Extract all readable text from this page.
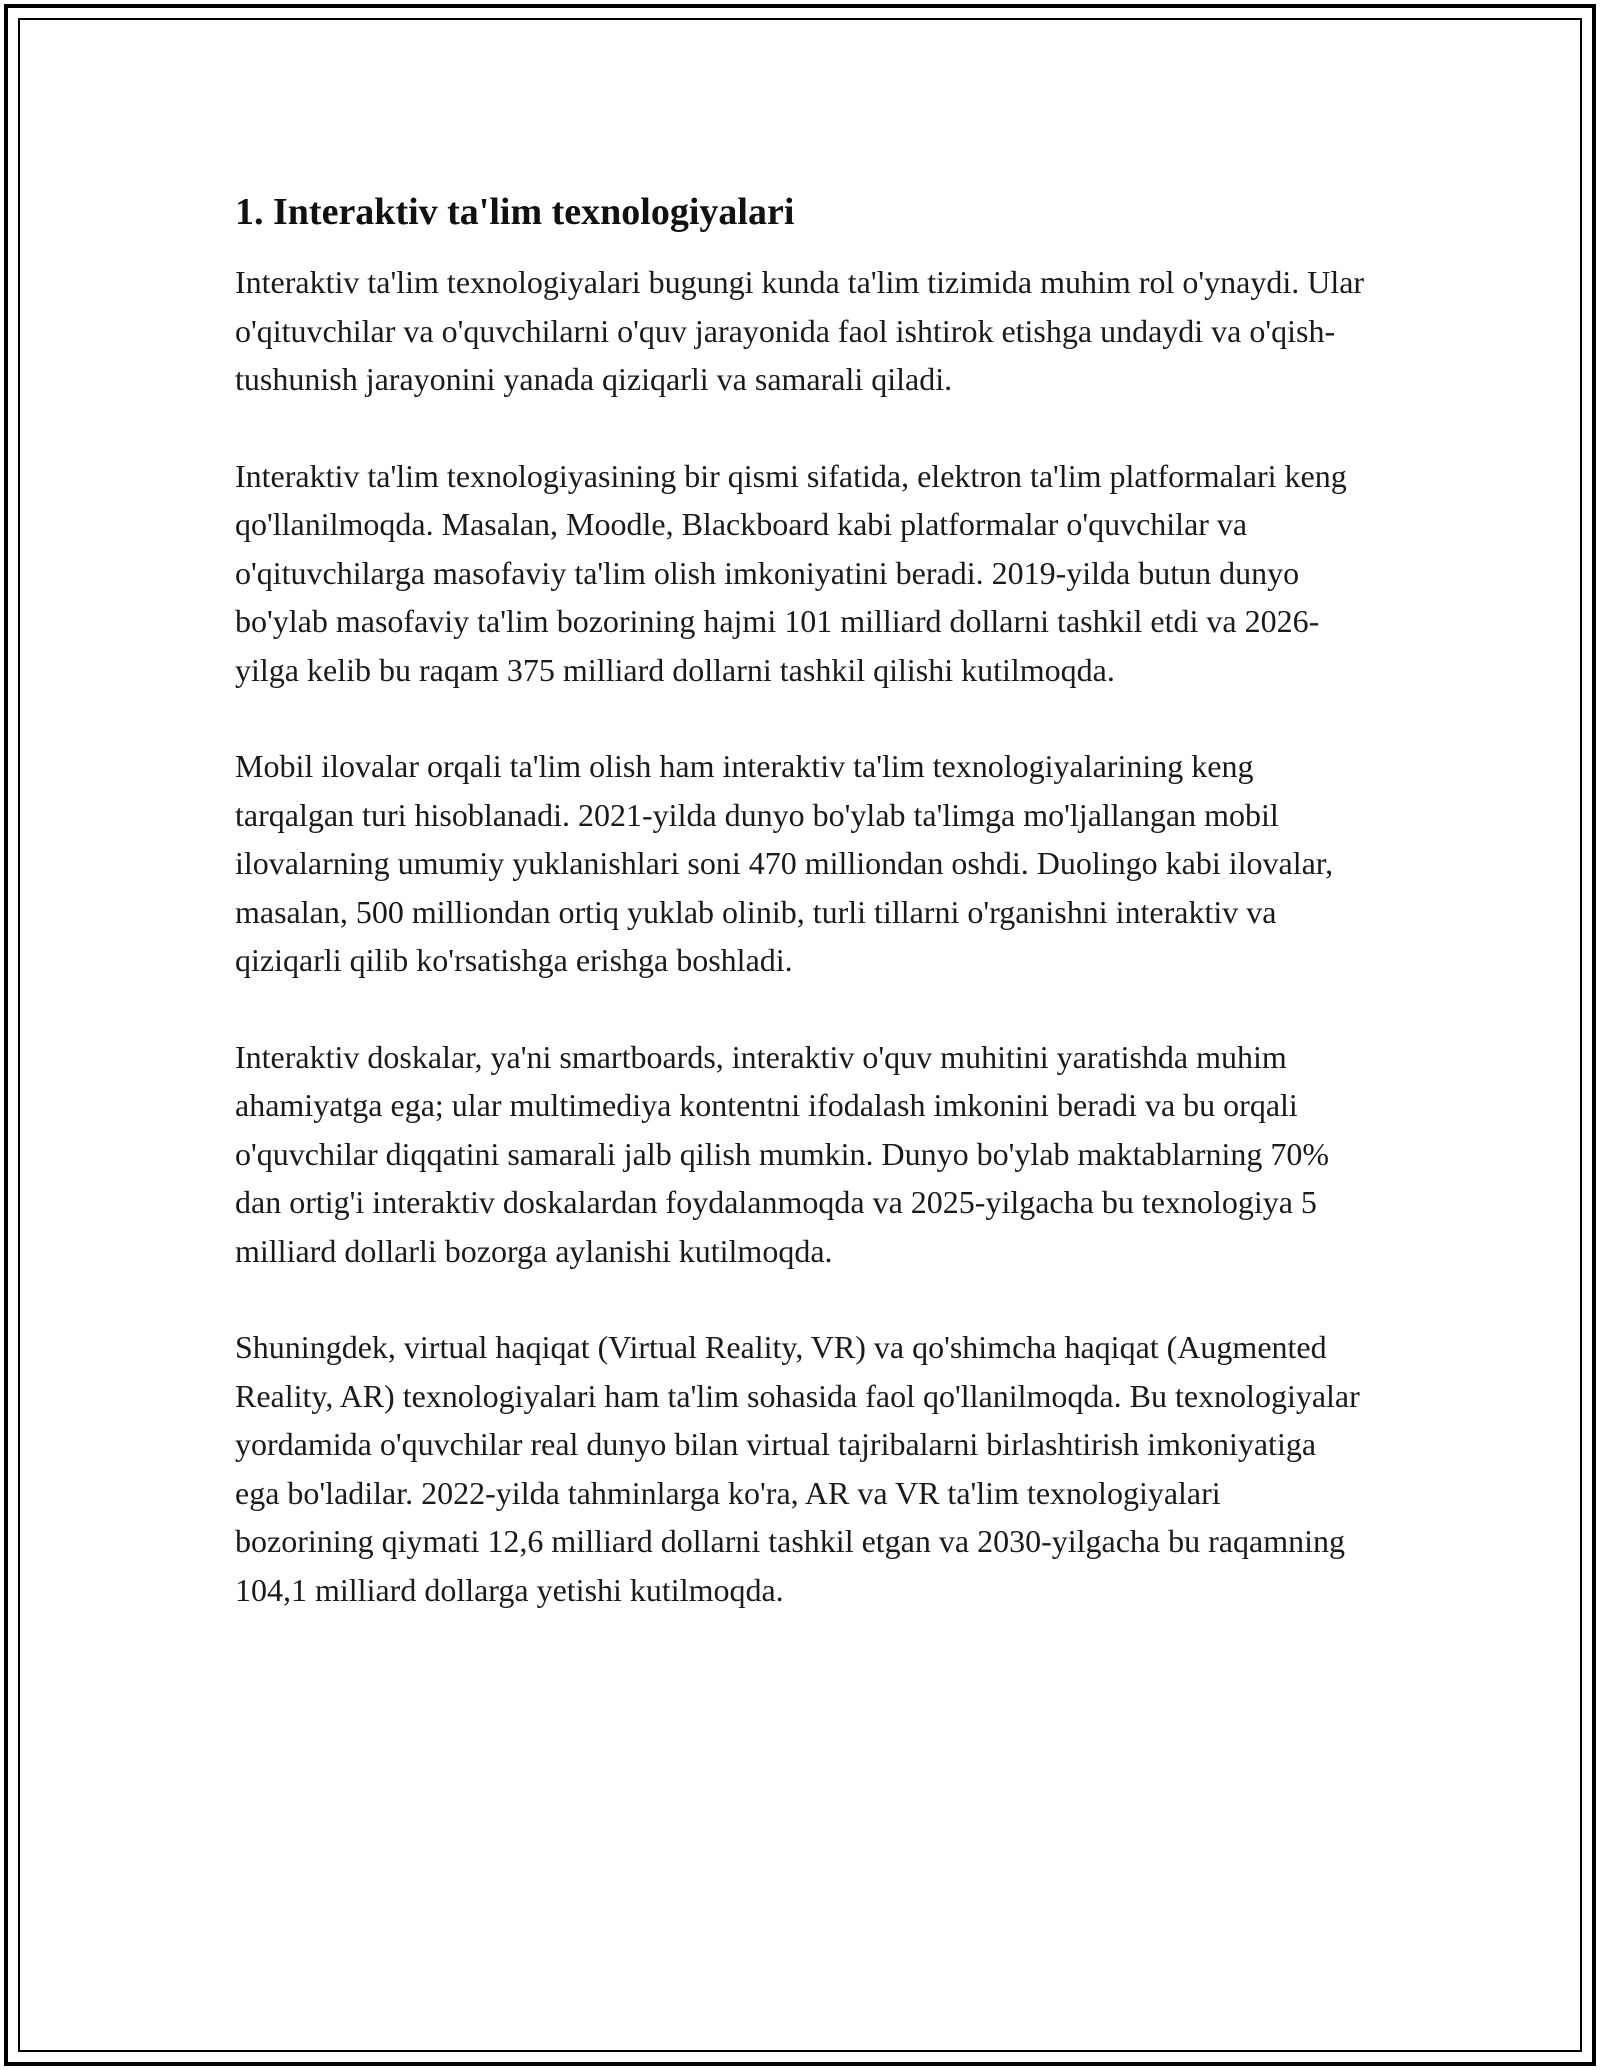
1. Interaktiv ta'lim texnologiyalari

Interaktiv ta'lim texnologiyalari bugungi kunda ta'lim tizimida muhim rol o'ynaydi. Ular o'qituvchilar va o'quvchilarni o'quv jarayonida faol ishtirok etishga undaydi va o'qish-tushunish jarayonini yanada qiziqarli va samarali qiladi.

Interaktiv ta'lim texnologiyasining bir qismi sifatida, elektron ta'lim platformalari keng qo'llanilmoqda. Masalan, Moodle, Blackboard kabi platformalar o'quvchilar va o'qituvchilarga masofaviy ta'lim olish imkoniyatini beradi. 2019-yilda butun dunyo bo'ylab masofaviy ta'lim bozorining hajmi 101 milliard dollarni tashkil etdi va 2026-yilga kelib bu raqam 375 milliard dollarni tashkil qilishi kutilmoqda.

Mobil ilovalar orqali ta'lim olish ham interaktiv ta'lim texnologiyalarining keng tarqalgan turi hisoblanadi. 2021-yilda dunyo bo'ylab ta'limga mo'ljallangan mobil ilovalarning umumiy yuklanishlari soni 470 milliondan oshdi. Duolingo kabi ilovalar, masalan, 500 milliondan ortiq yuklab olinib, turli tillarni o'rganishni interaktiv va qiziqarli qilib ko'rsatishga erishga boshladi.

Interaktiv doskalar, ya'ni smartboards, interaktiv o'quv muhitini yaratishda muhim ahamiyatga ega; ular multimediya kontentni ifodalash imkonini beradi va bu orqali o'quvchilar diqqatini samarali jalb qilish mumkin. Dunyo bo'ylab maktablarning 70% dan ortig'i interaktiv doskalardan foydalanmoqda va 2025-yilgacha bu texnologiya 5 milliard dollarli bozorga aylanishi kutilmoqda.

Shuningdek, virtual haqiqat (Virtual Reality, VR) va qo'shimcha haqiqat (Augmented Reality, AR) texnologiyalari ham ta'lim sohasida faol qo'llanilmoqda. Bu texnologiyalar yordamida o'quvchilar real dunyo bilan virtual tajribalarni birlashtirish imkoniyatiga ega bo'ladilar. 2022-yilda tahminlarga ko'ra, AR va VR ta'lim texnologiyalari bozorining qiymati 12,6 milliard dollarni tashkil etgan va 2030-yilgacha bu raqamning 104,1 milliard dollarga yetishi kutilmoqda.
